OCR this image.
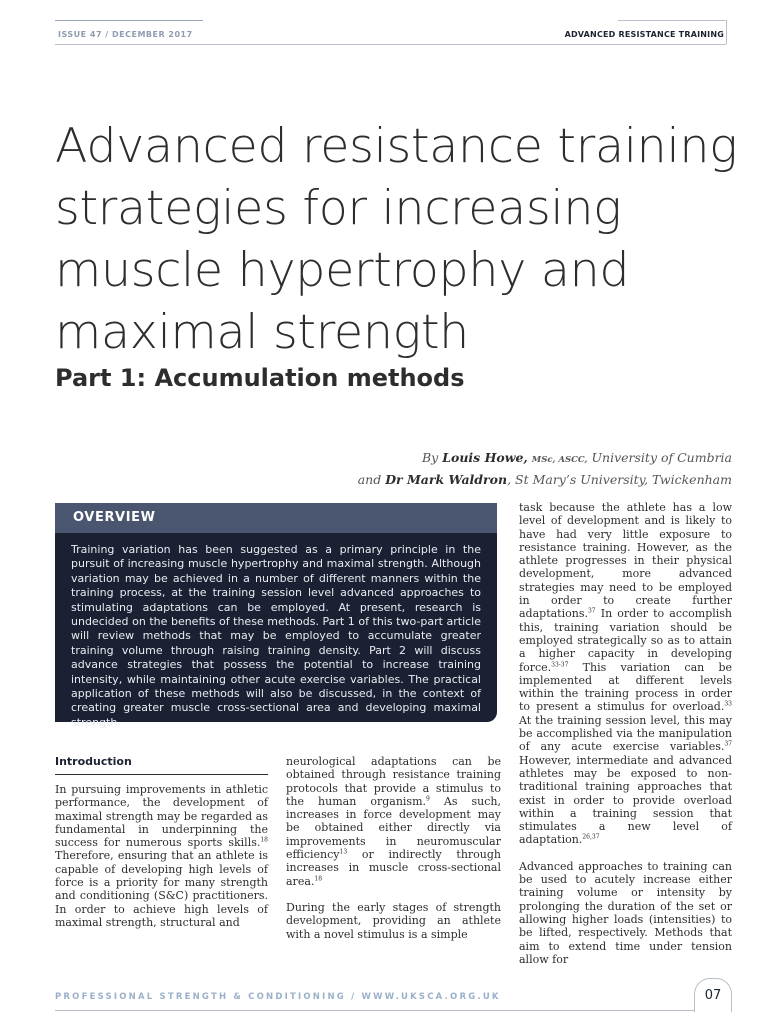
ISSUE 47 / DECEMBER 2017	ADVANCED RESISTANCE TRAINING
Advanced resistance training
strategies for increasing
muscle hypertrophy and
maximal strength
Part 1: Accumulation methods
By Louis Howe, MSc, ASCC, University of Cumbria
and Dr Mark Waldron, St Mary’s University, Twickenham
OVERVIEW
Training variation has been suggested as a primary principle in the pursuit of increasing muscle hypertrophy and maximal strength. Although variation may be achieved in a number of different manners within the training process, at the training session level advanced approaches to stimulating adaptations can be employed. At present, research is undecided on the benefits of these methods. Part 1 of this two-part article will review methods that may be employed to accumulate greater training volume through raising training density. Part 2 will discuss advance strategies that possess the potential to increase training intensity, while maintaining other acute exercise variables. The practical application of these methods will also be discussed, in the context of creating greater muscle cross-sectional area and developing maximal strength.
Introduction

In pursuing improvements in athletic performance, the development of maximal strength may be regarded as fundamental in underpinning the success for numerous sports skills.$^{18}$ Therefore, ensuring that an athlete is capable of developing high levels of force is a priority for many strength and conditioning (S&C) practitioners. In order to achieve high levels of maximal strength, structural and

neurological adaptations can be obtained through resistance training protocols that provide a stimulus to the human organism.$^9$ As such, increases in force development may be obtained either directly via improvements in neuromuscular efficiency$^{13}$ or indirectly through increases in muscle cross-sectional area.$^{18}$

During the early stages of strength development, providing an athlete with a novel stimulus is a simple

task because the athlete has a low level of development and is likely to have had very little exposure to resistance training. However, as the athlete progresses in their physical development, more advanced strategies may need to be employed in order to create further adaptations.$^{37}$ In order to accomplish this, training variation should be employed strategically so as to attain a higher capacity in developing force.$^{33-37}$ This variation can be implemented at different levels within the training process in order to present a stimulus for overload.$^{33}$ At the training session level, this may be accomplished via the manipulation of any acute exercise variables.$^{37}$ However, intermediate and advanced athletes may be exposed to non-traditional training approaches that exist in order to provide overload within a training session that stimulates a new level of adaptation.$^{26,37}$

Advanced approaches to training can be used to acutely increase either training volume or intensity by prolonging the duration of the set or allowing higher loads (intensities) to be lifted, respectively. Methods that aim to extend time under tension allow for

PROFESSIONAL STRENGTH & CONDITIONING / WWW.UKSCA.ORG.UK	07
